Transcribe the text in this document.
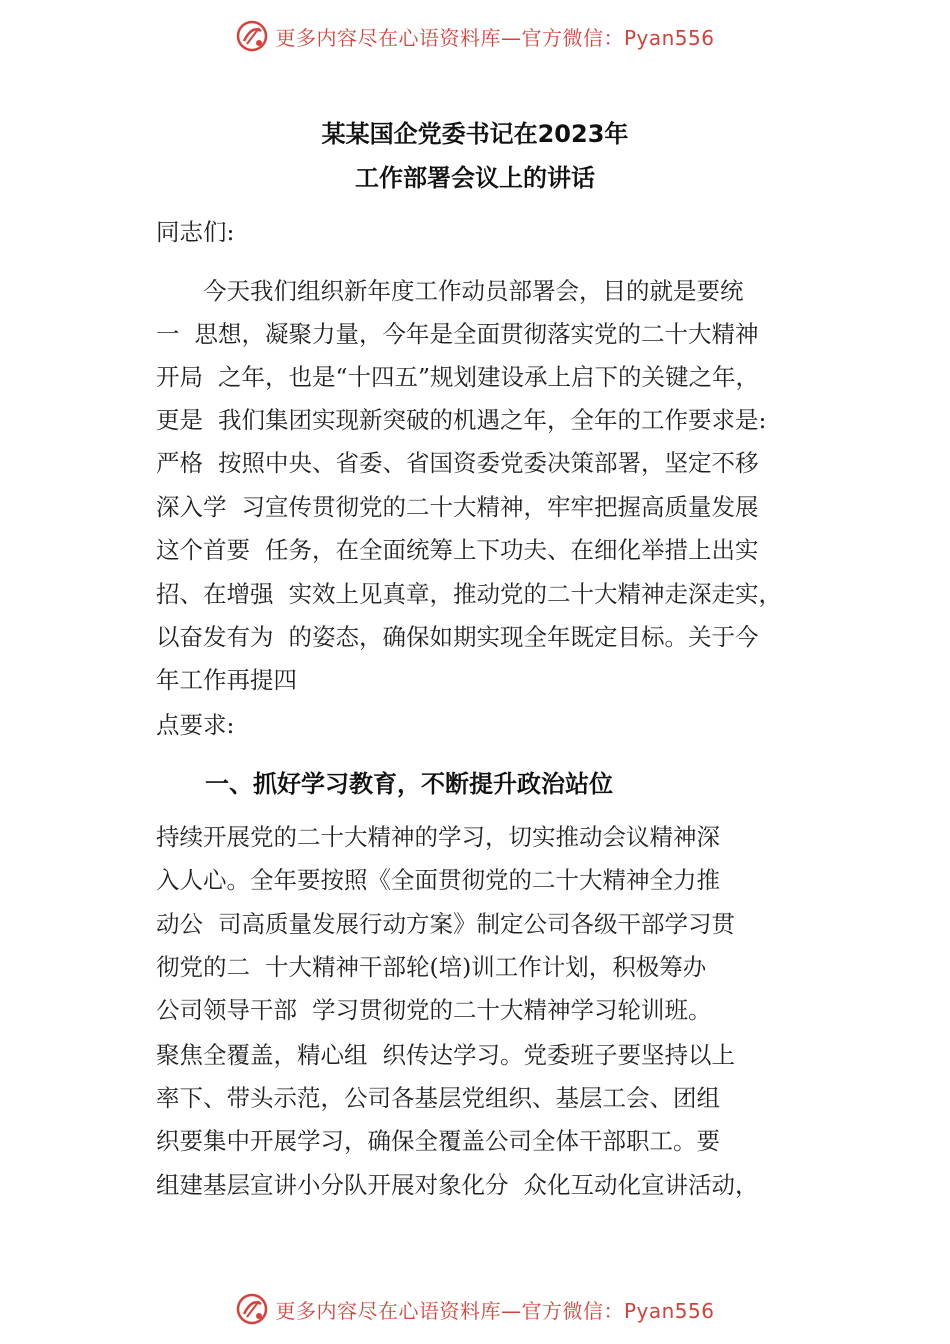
更多内容尽在心语资料库—官方微信：Pyan556
某某国企党委书记在2023年
工作部署会议上的讲话
同志们:
　　今天我们组织新年度工作动员部署会，目的就是要统
一  思想，凝聚力量，今年是全面贯彻落实党的二十大精神
开局  之年，也是“十四五”规划建设承上启下的关键之年，
更是  我们集团实现新突破的机遇之年，全年的工作要求是:
严格  按照中央、省委、省国资委党委决策部署，坚定不移
深入学  习宣传贯彻党的二十大精神，牢牢把握高质量发展
这个首要  任务，在全面统筹上下功夫、在细化举措上出实
招、在增强  实效上见真章，推动党的二十大精神走深走实，
以奋发有为  的姿态，确保如期实现全年既定目标。关于今
年工作再提四
点要求:
一、抓好学习教育，不断提升政治站位
持续开展党的二十大精神的学习，切实推动会议精神深
入人心。全年要按照《全面贯彻党的二十大精神全力推
动公  司高质量发展行动方案》制定公司各级干部学习贯
彻党的二  十大精神干部轮(培)训工作计划，积极筹办
公司领导干部  学习贯彻党的二十大精神学习轮训班。
聚焦全覆盖，精心组  织传达学习。党委班子要坚持以上
率下、带头示范，公司各基层党组织、基层工会、团组
织要集中开展学习，确保全覆盖公司全体干部职工。要
组建基层宣讲小分队开展对象化分  众化互动化宣讲活动，
更多内容尽在心语资料库—官方微信：Pyan556
